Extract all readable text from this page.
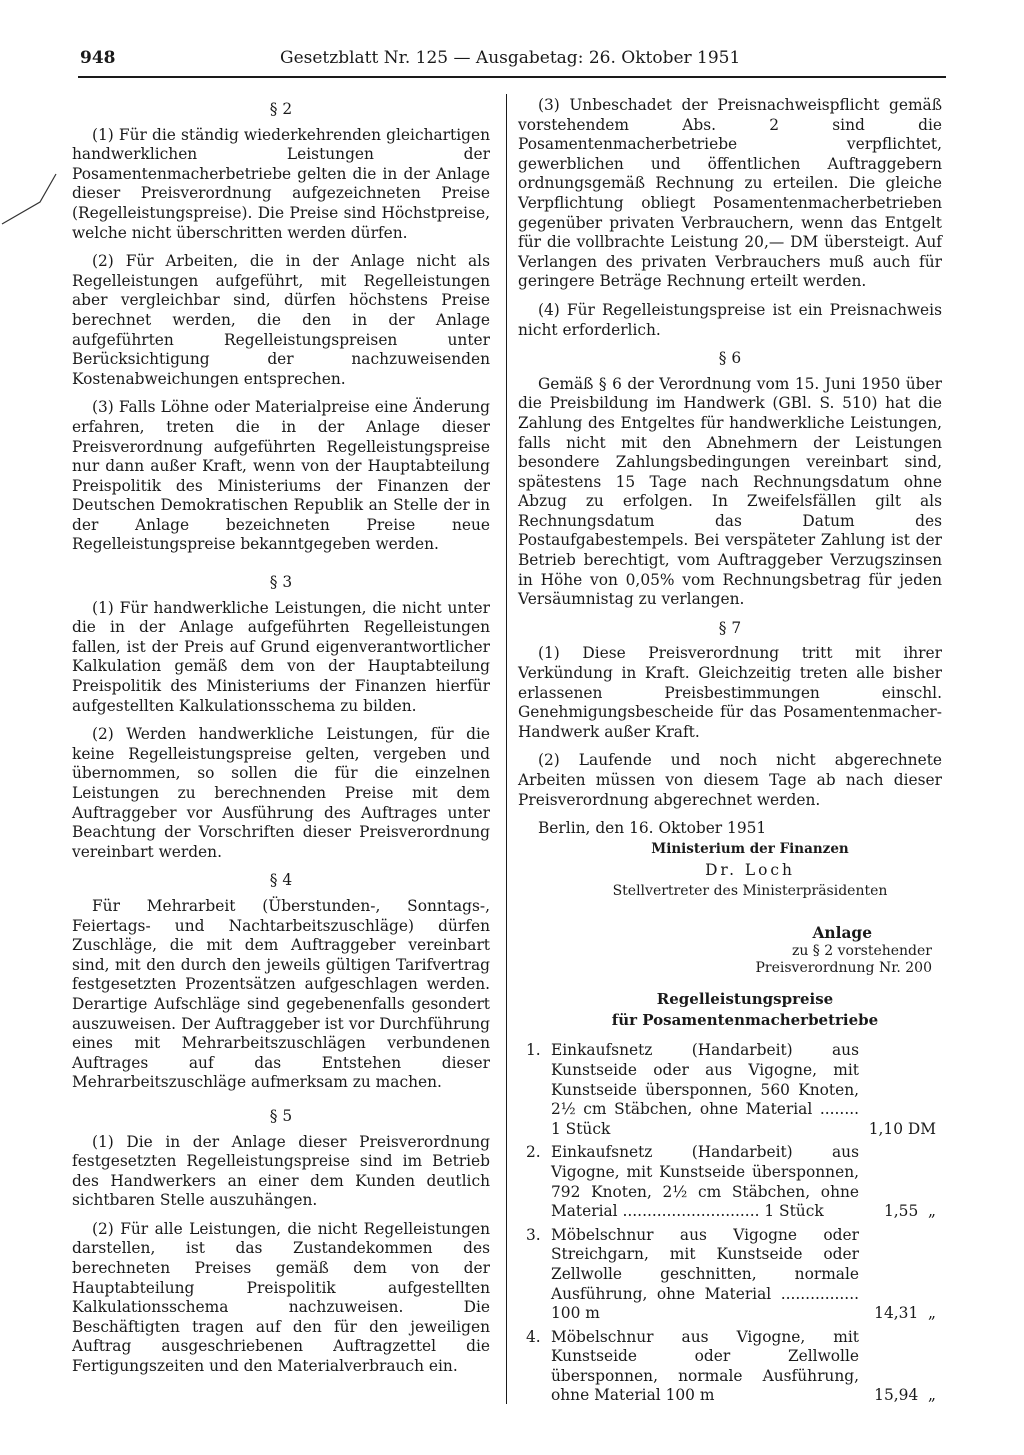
948	Gesetzblatt Nr. 125 — Ausgabetag: 26. Oktober 1951
§ 2

(1) Für die ständig wiederkehrenden gleichartigen handwerklichen Leistungen der Posamentenmacherbetriebe gelten die in der Anlage dieser Preisverordnung aufgezeichneten Preise (Regelleistungspreise). Die Preise sind Höchstpreise, welche nicht überschritten werden dürfen.

(2) Für Arbeiten, die in der Anlage nicht als Regelleistungen aufgeführt, mit Regelleistungen aber vergleichbar sind, dürfen höchstens Preise berechnet werden, die den in der Anlage aufgeführten Regelleistungspreisen unter Berücksichtigung der nachzuweisenden Kostenabweichungen entsprechen.

(3) Falls Löhne oder Materialpreise eine Änderung erfahren, treten die in der Anlage dieser Preisverordnung aufgeführten Regelleistungspreise nur dann außer Kraft, wenn von der Hauptabteilung Preispolitik des Ministeriums der Finanzen der Deutschen Demokratischen Republik an Stelle der in der Anlage bezeichneten Preise neue Regelleistungspreise bekanntgegeben werden.

§ 3

(1) Für handwerkliche Leistungen, die nicht unter die in der Anlage aufgeführten Regelleistungen fallen, ist der Preis auf Grund eigenverantwortlicher Kalkulation gemäß dem von der Hauptabteilung Preispolitik des Ministeriums der Finanzen hierfür aufgestellten Kalkulationsschema zu bilden.

(2) Werden handwerkliche Leistungen, für die keine Regelleistungspreise gelten, vergeben und übernommen, so sollen die für die einzelnen Leistungen zu berechnenden Preise mit dem Auftraggeber vor Ausführung des Auftrages unter Beachtung der Vorschriften dieser Preisverordnung vereinbart werden.

§ 4

Für Mehrarbeit (Überstunden-, Sonntags-, Feiertags- und Nachtarbeitszuschläge) dürfen Zuschläge, die mit dem Auftraggeber vereinbart sind, mit den durch den jeweils gültigen Tarifvertrag festgesetzten Prozentsätzen aufgeschlagen werden. Derartige Aufschläge sind gegebenenfalls gesondert auszuweisen. Der Auftraggeber ist vor Durchführung eines mit Mehrarbeitszuschlägen verbundenen Auftrages auf das Entstehen dieser Mehrarbeitszuschläge aufmerksam zu machen.

§ 5

(1) Die in der Anlage dieser Preisverordnung festgesetzten Regelleistungspreise sind im Betrieb des Handwerkers an einer dem Kunden deutlich sichtbaren Stelle auszuhängen.

(2) Für alle Leistungen, die nicht Regelleistungen darstellen, ist das Zustandekommen des berechneten Preises gemäß dem von der Hauptabteilung Preispolitik aufgestellten Kalkulationsschema nachzuweisen. Die Beschäftigten tragen auf den für den jeweiligen Auftrag ausgeschriebenen Auftragzettel die Fertigungszeiten und den Materialverbrauch ein.

(3) Unbeschadet der Preisnachweispflicht gemäß vorstehendem Abs. 2 sind die Posamentenmacherbetriebe verpflichtet, gewerblichen und öffentlichen Auftraggebern ordnungsgemäß Rechnung zu erteilen. Die gleiche Verpflichtung obliegt Posamentenmacherbetrieben gegenüber privaten Verbrauchern, wenn das Entgelt für die vollbrachte Leistung 20,— DM übersteigt. Auf Verlangen des privaten Verbrauchers muß auch für geringere Beträge Rechnung erteilt werden.

(4) Für Regelleistungspreise ist ein Preisnachweis nicht erforderlich.

§ 6

Gemäß § 6 der Verordnung vom 15. Juni 1950 über die Preisbildung im Handwerk (GBl. S. 510) hat die Zahlung des Entgeltes für handwerkliche Leistungen, falls nicht mit den Abnehmern der Leistungen besondere Zahlungsbedingungen vereinbart sind, spätestens 15 Tage nach Rechnungsdatum ohne Abzug zu erfolgen. In Zweifelsfällen gilt als Rechnungsdatum das Datum des Postaufgabestempels. Bei verspäteter Zahlung ist der Betrieb berechtigt, vom Auftraggeber Verzugszinsen in Höhe von 0,05% vom Rechnungsbetrag für jeden Versäumnistag zu verlangen.

§ 7

(1) Diese Preisverordnung tritt mit ihrer Verkündung in Kraft. Gleichzeitig treten alle bisher erlassenen Preisbestimmungen einschl. Genehmigungsbescheide für das Posamentenmacher-Handwerk außer Kraft.

(2) Laufende und noch nicht abgerechnete Arbeiten müssen von diesem Tage ab nach dieser Preisverordnung abgerechnet werden.

Berlin, den 16. Oktober 1951
Ministerium der Finanzen
Dr. Loch
Stellvertreter des Ministerpräsidenten
Anlage
zu § 2 vorstehender
Preisverordnung Nr. 200
Regelleistungspreise
für Posamentenmacherbetriebe
1. Einkaufsnetz (Handarbeit) aus Kunstseide oder aus Vigogne, mit Kunstseide übersponnen, 560 Knoten, 2½ cm Stäbchen, ohne Material ........ 1 Stück	1,10 DM
2. Einkaufsnetz (Handarbeit) aus Vigogne, mit Kunstseide übersponnen, 792 Knoten, 2½ cm Stäbchen, ohne Material ............................ 1 Stück	1,55  „
3. Möbelschnur aus Vigogne oder Streichgarn, mit Kunstseide oder Zellwolle geschnitten, normale Ausführung, ohne Material ................ 100 m	14,31  „
4. Möbelschnur aus Vigogne, mit Kunstseide oder Zellwolle übersponnen, normale Ausführung, ohne Material 100 m	15,94  „
